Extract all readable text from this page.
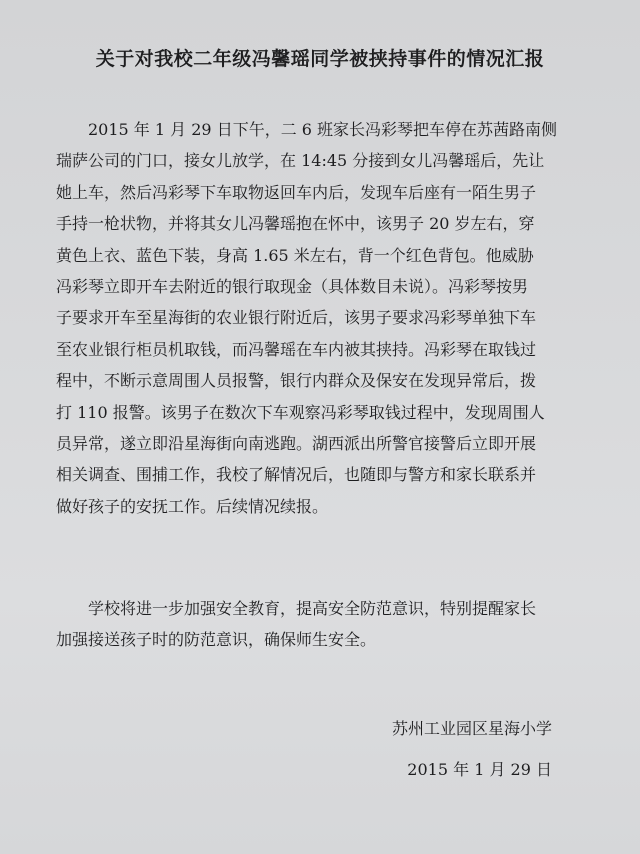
关于对我校二年级冯馨瑶同学被挟持事件的情况汇报
2015 年 1 月 29 日下午，二 6 班家长冯彩琴把车停在苏茜路南侧
瑞萨公司的门口，接女儿放学，在 14:45 分接到女儿冯馨瑶后，先让
她上车，然后冯彩琴下车取物返回车内后，发现车后座有一陌生男子
手持一枪状物，并将其女儿冯馨瑶抱在怀中，该男子 20 岁左右，穿
黄色上衣、蓝色下装，身高 1.65 米左右，背一个红色背包。他威胁
冯彩琴立即开车去附近的银行取现金（具体数目未说）。冯彩琴按男
子要求开车至星海街的农业银行附近后，该男子要求冯彩琴单独下车
至农业银行柜员机取钱，而冯馨瑶在车内被其挟持。冯彩琴在取钱过
程中，不断示意周围人员报警，银行内群众及保安在发现异常后，拨
打 110 报警。该男子在数次下车观察冯彩琴取钱过程中，发现周围人
员异常，遂立即沿星海街向南逃跑。湖西派出所警官接警后立即开展
相关调查、围捕工作，我校了解情况后，也随即与警方和家长联系并
做好孩子的安抚工作。后续情况续报。
学校将进一步加强安全教育，提高安全防范意识，特别提醒家长
加强接送孩子时的防范意识，确保师生安全。
苏州工业园区星海小学
2015 年 1 月 29 日
